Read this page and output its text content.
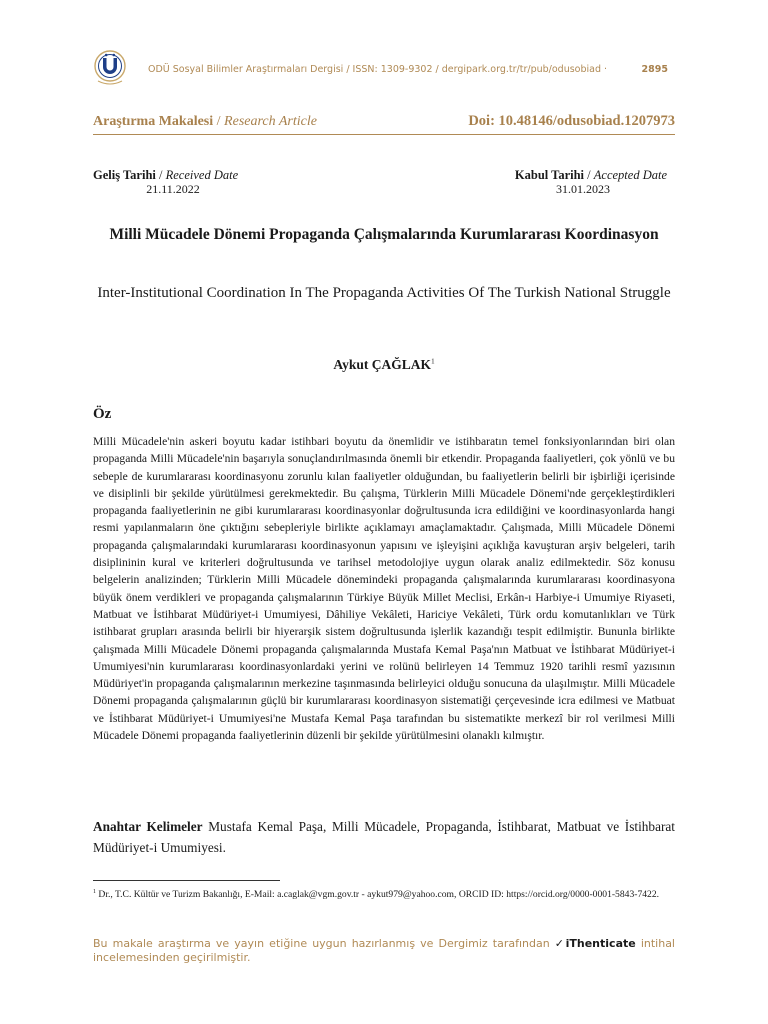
ODÜ Sosyal Bilimler Araştırmaları Dergisi / ISSN: 1309-9302 / dergipark.org.tr/tr/pub/odusobiad ·	2895
Araştırma Makalesi / Research Article	Doi: 10.48146/odusobiad.1207973
Geliş Tarihi / Received Date
21.11.2022
Kabul Tarihi / Accepted Date
31.01.2023
Milli Mücadele Dönemi Propaganda Çalışmalarında Kurumlararası Koordinasyon
Inter-Institutional Coordination In The Propaganda Activities Of The Turkish National Struggle
Aykut ÇAĞLAK$^1$
Öz

Milli Mücadele'nin askeri boyutu kadar istihbari boyutu da önemlidir ve istihbaratın temel fonksiyonlarından biri olan propaganda Milli Mücadele'nin başarıyla sonuçlandırılmasında önemli bir etkendir. Propaganda faaliyetleri, çok yönlü ve bu sebeple de kurumlararası koordinasyonu zorunlu kılan faaliyetler olduğundan, bu faaliyetlerin belirli bir işbirliği içerisinde ve disiplinli bir şekilde yürütülmesi gerekmektedir. Bu çalışma, Türklerin Milli Mücadele Dönemi'nde gerçekleştirdikleri propaganda faaliyetlerinin ne gibi kurumlararası koordinasyonlar doğrultusunda icra edildiğini ve koordinasyonlarda hangi resmi yapılanmaların öne çıktığını sebepleriyle birlikte açıklamayı amaçlamaktadır. Çalışmada, Milli Mücadele Dönemi propaganda çalışmalarındaki kurumlararası koordinasyonun yapısını ve işleyişini açıklığa kavuşturan arşiv belgeleri, tarih disiplininin kural ve kriterleri doğrultusunda ve tarihsel metodolojiye uygun olarak analiz edilmektedir. Söz konusu belgelerin analizinden; Türklerin Milli Mücadele dönemindeki propaganda çalışmalarında kurumlararası koordinasyona büyük önem verdikleri ve propaganda çalışmalarının Türkiye Büyük Millet Meclisi, Erkân-ı Harbiye-i Umumiye Riyaseti, Matbuat ve İstihbarat Müdüriyet-i Umumiyesi, Dâhiliye Vekâleti, Hariciye Vekâleti, Türk ordu komutanlıkları ve Türk istihbarat grupları arasında belirli bir hiyerarşik sistem doğrultusunda işlerlik kazandığı tespit edilmiştir. Bununla birlikte çalışmada Milli Mücadele Dönemi propaganda çalışmalarında Mustafa Kemal Paşa'nın Matbuat ve İstihbarat Müdüriyet-i Umumiyesi'nin kurumlararası koordinasyonlardaki yerini ve rolünü belirleyen 14 Temmuz 1920 tarihli resmî yazısının Müdüriyet'in propaganda çalışmalarının merkezine taşınmasında belirleyici olduğu sonucuna da ulaşılmıştır. Milli Mücadele Dönemi propaganda çalışmalarının güçlü bir kurumlararası koordinasyon sistematiği çerçevesinde icra edilmesi ve Matbuat ve İstihbarat Müdüriyet-i Umumiyesi'ne Mustafa Kemal Paşa tarafından bu sistematikte merkezî bir rol verilmesi Milli Mücadele Dönemi propaganda faaliyetlerinin düzenli bir şekilde yürütülmesini olanaklı kılmıştır.

Anahtar Kelimeler Mustafa Kemal Paşa, Milli Mücadele, Propaganda, İstihbarat, Matbuat ve İstihbarat Müdüriyet-i Umumiyesi.
$^1$ Dr., T.C. Kültür ve Turizm Bakanlığı, E-Mail: a.caglak@vgm.gov.tr - aykut979@yahoo.com, ORCID ID: https://orcid.org/0000-0001-5843-7422.
Bu makale araştırma ve yayın etiğine uygun hazırlanmış ve Dergimiz tarafından ✓iThenticate intihal incelemesinden geçirilmiştir.
